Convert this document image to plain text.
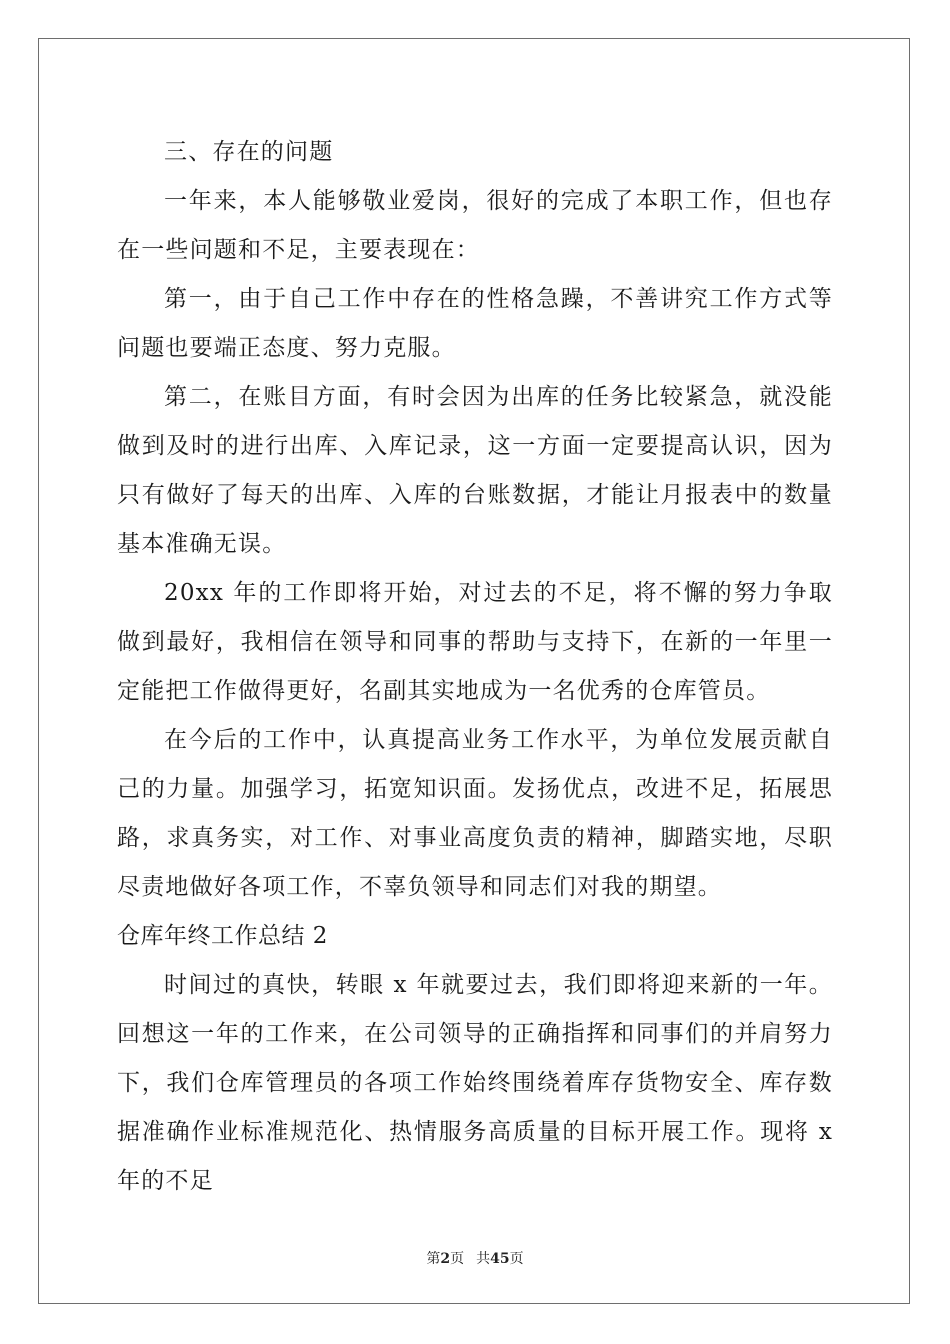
三、存在的问题

一年来，本人能够敬业爱岗，很好的完成了本职工作，但也存在一些问题和不足，主要表现在：

第一，由于自己工作中存在的性格急躁，不善讲究工作方式等问题也要端正态度、努力克服。

第二，在账目方面，有时会因为出库的任务比较紧急，就没能做到及时的进行出库、入库记录，这一方面一定要提高认识，因为只有做好了每天的出库、入库的台账数据，才能让月报表中的数量基本准确无误。

20xx 年的工作即将开始，对过去的不足，将不懈的努力争取做到最好，我相信在领导和同事的帮助与支持下，在新的一年里一定能把工作做得更好，名副其实地成为一名优秀的仓库管员。

在今后的工作中，认真提高业务工作水平，为单位发展贡献自己的力量。加强学习，拓宽知识面。发扬优点，改进不足，拓展思路，求真务实，对工作、对事业高度负责的精神，脚踏实地，尽职尽责地做好各项工作，不辜负领导和同志们对我的期望。

仓库年终工作总结 2

时间过的真快，转眼 x 年就要过去，我们即将迎来新的一年。回想这一年的工作来，在公司领导的正确指挥和同事们的并肩努力下，我们仓库管理员的各项工作始终围绕着库存货物安全、库存数据准确作业标准规范化、热情服务高质量的目标开展工作。现将 x 年的不足

第2页 共45页
